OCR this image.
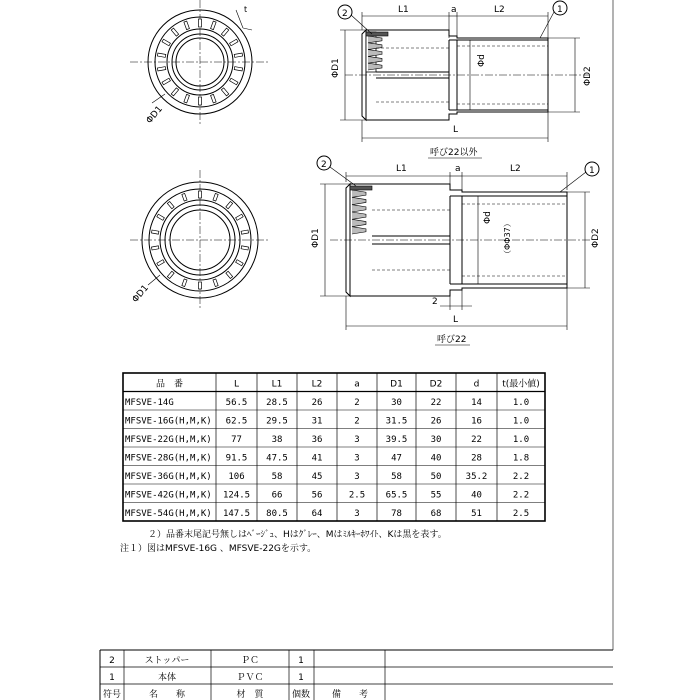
t
ΦD1
ΦD1
L1	a	L2
ΦD1	Φd
ΦD2
L
2	1
呼び22以外
L1	a	L2
ΦD1
Φd
（ΦΦ37）	ΦD2
2
L
2
1
呼び22
品　番	L	L1	L2	a	D1	D2	d	t(最小値)
MFSVE-14G	56.5 28.5	26	2	30	22	14	1.0
MFSVE-16G(H,M,K) 62.5 29.5	31	2	31.5	26	16	1.0
MFSVE-22G(H,M,K) 77	38	36	3	39.5	30	22	1.0
MFSVE-28G(H,M,K) 91.5 47.5	41	3	47	40	28	1.8
MFSVE-36G(H,M,K) 106	58	45	3	58	50	35.2	2.2
MFSVE-42G(H,M,K) 124.5 66	56	2.5 65.5	55	40	2.2
MFSVE-54G(H,M,K) 147.5 80.5	64	3	78	68	51	2.5
２）品番末尾記号無しはﾍﾞｰｼﾞｭ、Hはｸﾞﾚｰ、Mはﾐﾙｷｰﾎﾜｲﾄ、Kは黒を表す。
注１）図はMFSVE-16G 、MFSVE-22Gを示す。
2	ストッパー	ＰＣ	1
1	本体	ＰＶＣ	1
符号	名　　称	材　質	個数 備　　考
